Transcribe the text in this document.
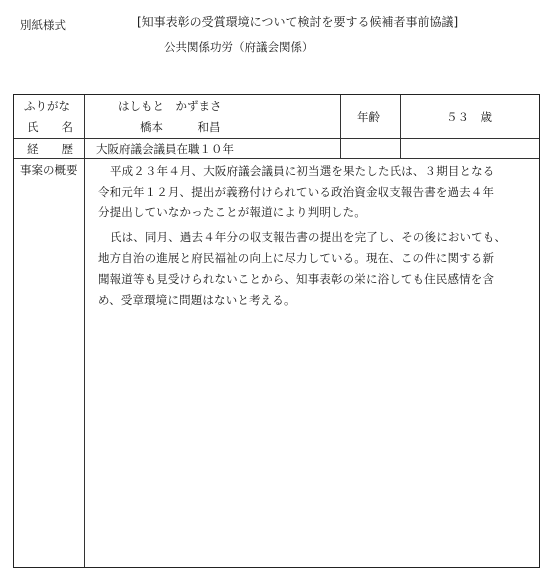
別紙様式	[知事表彰の受賞環境について検討を要する候補者事前協議]
公共関係功労（府議会関係）
ふりがな
氏　　名
経　　歴
事案の概要
はしもと　かずまさ
橋本　　　和昌
年齢	５３　歳
大阪府議会議員在職１０年
平成２３年４月、大阪府議会議員に初当選を果たした氏は、３期目となる
令和元年１２月、提出が義務付けられている政治資金収支報告書を過去４年
分提出していなかったことが報道により判明した。
氏は、同月、過去４年分の収支報告書の提出を完了し、その後においても、
地方自治の進展と府民福祉の向上に尽力している。現在、この件に関する新
聞報道等も見受けられないことから、知事表彰の栄に浴しても住民感情を含
め、受章環境に問題はないと考える。
